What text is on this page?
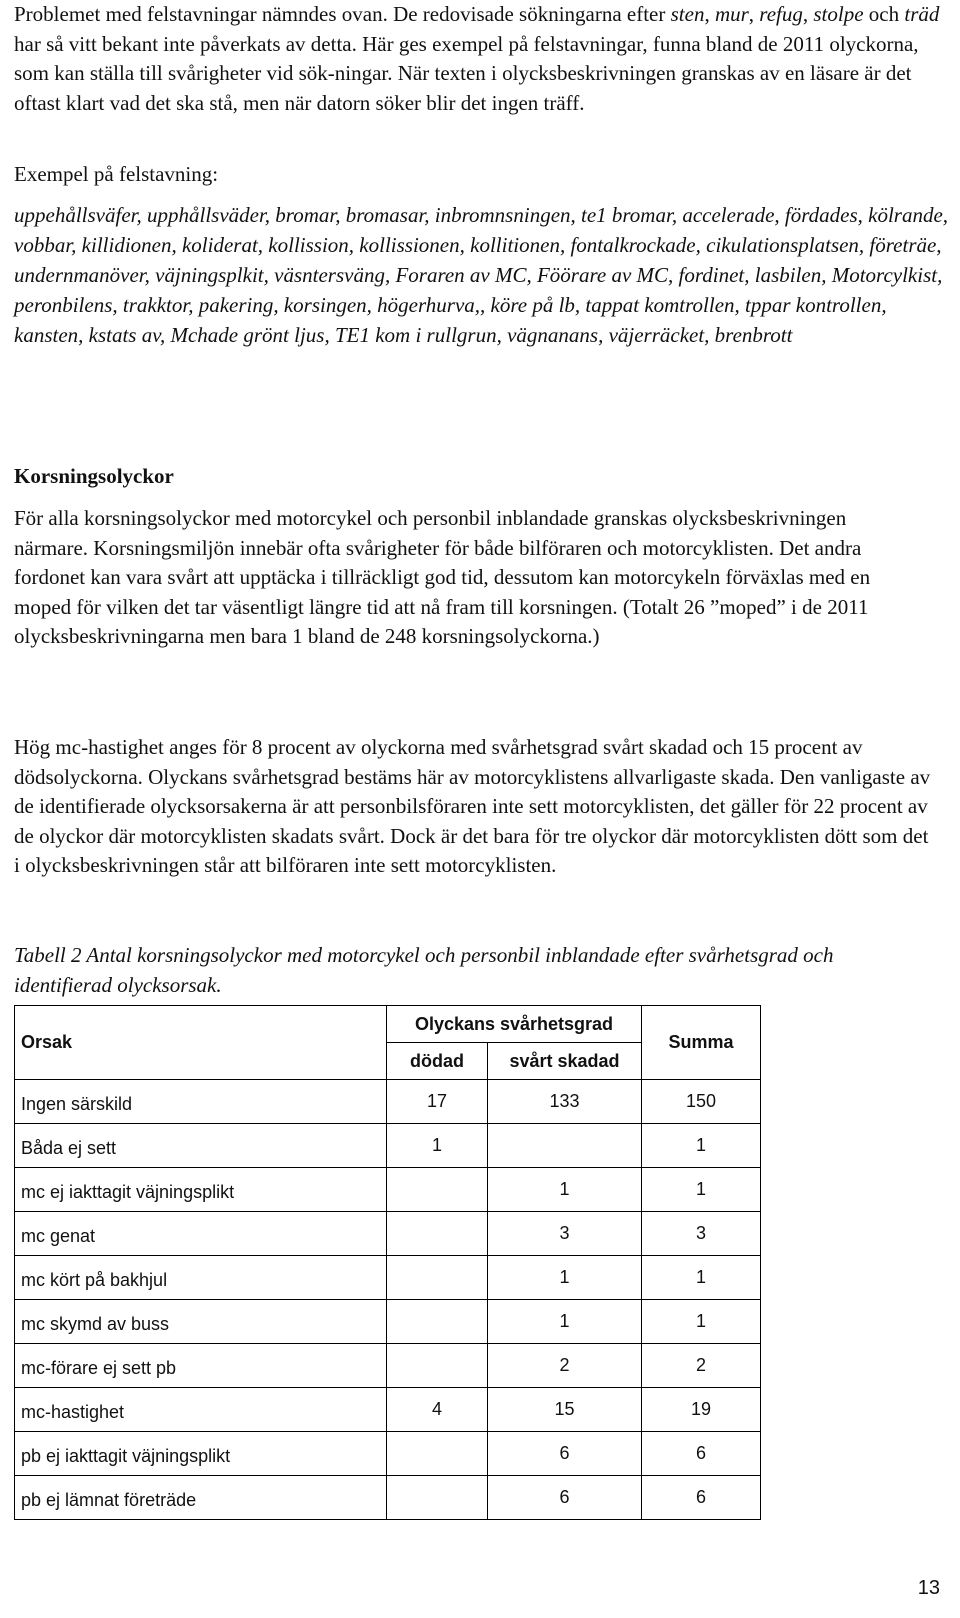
Problemet med felstavningar nämndes ovan. De redovisade sökningarna efter sten, mur, refug, stolpe och träd har så vitt bekant inte påverkats av detta. Här ges exempel på felstavningar, funna bland de 2011 olyckorna, som kan ställa till svårigheter vid sök-ningar. När texten i olycksbeskrivningen granskas av en läsare är det oftast klart vad det ska stå, men när datorn söker blir det ingen träff.

Exempel på felstavning:

uppehållsväfer, upphållsväder, bromar, bromasar, inbromnsningen, te1 bromar, accelerade, fördades, kölrande, vobbar, killidionen, koliderat, kollission, kollissionen, kollitionen, fontalkrockade, cikulationsplatsen, företräe, undernmanöver, väjningsplkit, väsntersväng, Foraren av MC, Föörare av MC, fordinet, lasbilen, Motorcylkist, peronbilens, trakktor, pakering, korsingen, högerhurva,, köre på lb, tappat komtrollen, tppar kontrollen, kansten, kstats av, Mchade grönt ljus, TE1 kom i rullgrun, vägnanans, väjerräcket, brenbrott

Korsningsolyckor

För alla korsningsolyckor med motorcykel och personbil inblandade granskas olycksbeskrivningen närmare. Korsningsmiljön innebär ofta svårigheter för både bilföraren och motorcyklisten. Det andra fordonet kan vara svårt att upptäcka i tillräckligt god tid, dessutom kan motorcykeln förväxlas med en moped för vilken det tar väsentligt längre tid att nå fram till korsningen. (Totalt 26 ”moped” i de 2011 olycksbeskrivningarna men bara 1 bland de 248 korsningsolyckorna.)

Hög mc-hastighet anges för 8 procent av olyckorna med svårhetsgrad svårt skadad och 15 procent av dödsolyckorna. Olyckans svårhetsgrad bestäms här av motorcyklistens allvarligaste skada. Den vanligaste av de identifierade olycksorsakerna är att personbilsföraren inte sett motorcyklisten, det gäller för 22 procent av de olyckor där motorcyklisten skadats svårt. Dock är det bara för tre olyckor där motorcyklisten dött som det i olycksbeskrivningen står att bilföraren inte sett motorcyklisten.

Tabell 2 Antal korsningsolyckor med motorcykel och personbil inblandade efter svårhetsgrad och identifierad olycksorsak.

Orsak	Olyckans svårhetsgrad		Summa
	dödad	svårt skadad	
Ingen särskild	17	133	150
Båda ej sett	1		1
mc ej iakttagit väjningsplikt		1	1
mc genat		3	3
mc kört på bakhjul		1	1
mc skymd av buss		1	1
mc-förare ej sett pb		2	2
mc-hastighet	4	15	19
pb ej iakttagit väjningsplikt		6	6
pb ej lämnat företräde		6	6
13
